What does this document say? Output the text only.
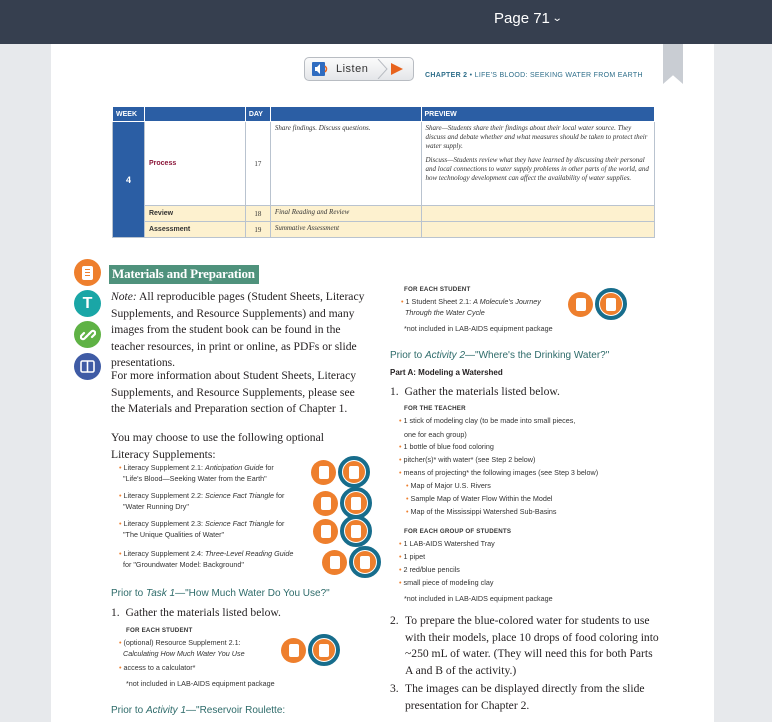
Page 71 ⌄
Listen
CHAPTER 2 • LIFE'S BLOOD: SEEKING WATER FROM EARTH
WEEK		DAY		PREVIEW
4	Process	17	Share findings. Discuss questions.	Share—Students share their findings about their local water source. They discuss and debate whether and what measures should be taken to protect their water supply.

Discuss—Students review what they have learned by discussing their personal and local connections to water supply problems in other parts of the world, and how technology development can affect the availability of water supplies.

	Review	18	Final Reading and Review	
	Assessment	19	Summative Assessment	
T
Materials and Preparation
Note: All reproducible pages (Student Sheets, Literacy Supplements, and Resource Supplements) and many images from the student book can be found in the teacher resources, in print or online, as PDFs or slide presentations.
For more information about Student Sheets, Literacy Supplements, and Resource Supplements, please see the Materials and Preparation section of Chapter 1.
You may choose to use the following optional Literacy Supplements:
• Literacy Supplement 2.1: Anticipation Guide for
"Life's Blood—Seeking Water from the Earth"
• Literacy Supplement 2.2: Science Fact Triangle for
"Water Running Dry"
• Literacy Supplement 2.3: Science Fact Triangle for
"The Unique Qualities of Water"
• Literacy Supplement 2.4: Three-Level Reading Guide
for "Groundwater Model: Background"
Prior to Task 1—"How Much Water Do You Use?"
1.  Gather the materials listed below.
FOR EACH STUDENT
• (optional) Resource Supplement 2.1:
Calculating How Much Water You Use
• access to a calculator*
*not included in LAB-AIDS equipment package
Prior to Activity 1—"Reservoir Roulette:
FOR EACH STUDENT
• 1 Student Sheet 2.1: A Molecule's Journey
Through the Water Cycle
*not included in LAB-AIDS equipment package
Prior to Activity 2—"Where's the Drinking Water?"
Part A: Modeling a Watershed
1.  Gather the materials listed below.
FOR THE TEACHER
• 1 stick of modeling clay (to be made into small pieces,
one for each group)
• 1 bottle of blue food coloring
• pitcher(s)* with water* (see Step 2 below)
• means of projecting* the following images (see Step 3 below)
• Map of Major U.S. Rivers
• Sample Map of Water Flow Within the Model
• Map of the Mississippi Watershed Sub-Basins
FOR EACH GROUP OF STUDENTS
• 1 LAB-AIDS Watershed Tray
• 1 pipet
• 2 red/blue pencils
• small piece of modeling clay
*not included in LAB-AIDS equipment package
2. To prepare the blue-colored water for students to use with their models, place 10 drops of food coloring into ~250 mL of water. (They will need this for both Parts A and B of the activity.)
3. The images can be displayed directly from the slide presentation for Chapter 2.
